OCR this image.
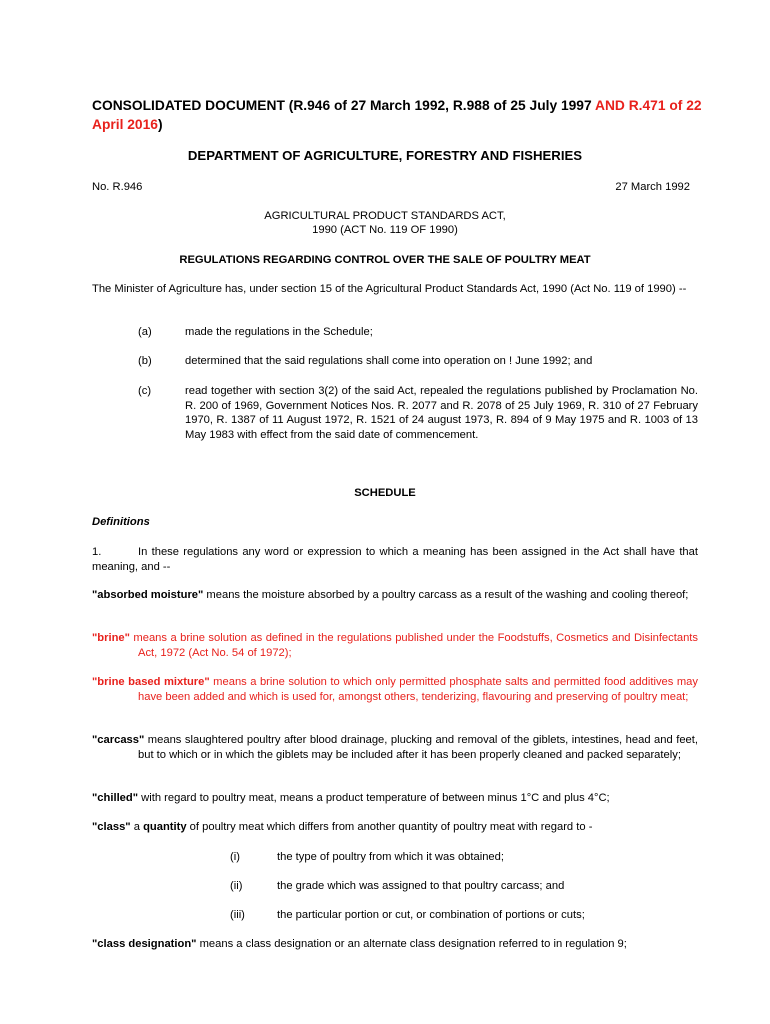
CONSOLIDATED DOCUMENT (R.946 of 27 March 1992, R.988 of 25 July 1997 AND R.471 of 22 April 2016)
DEPARTMENT OF AGRICULTURE, FORESTRY AND FISHERIES
No. R.946	27 March 1992
AGRICULTURAL PRODUCT STANDARDS ACT,
1990 (ACT No. 119 OF 1990)
REGULATIONS REGARDING CONTROL OVER THE SALE OF POULTRY MEAT
The Minister of Agriculture has, under section 15 of the Agricultural Product Standards Act, 1990 (Act No. 119 of 1990) --
(a)	made the regulations in the Schedule;
(b)	determined that the said regulations shall come into operation on ! June 1992; and
(c)	read together with section 3(2) of the said Act, repealed the regulations published by Proclamation No. R. 200 of 1969, Government Notices Nos. R. 2077 and R. 2078 of 25 July 1969, R. 310 of 27 February 1970, R. 1387 of 11 August 1972, R. 1521 of 24 august 1973, R. 894 of 9 May 1975 and R. 1003 of 13 May 1983 with effect from the said date of commencement.
SCHEDULE
Definitions
1.	In these regulations any word or expression to which a meaning has been assigned in the Act shall have that meaning, and --
"absorbed moisture" means the moisture absorbed by a poultry carcass as a result of the washing and cooling thereof;
"brine" means a brine solution as defined in the regulations published under the Foodstuffs, Cosmetics and Disinfectants Act, 1972 (Act No. 54 of 1972);
"brine based mixture" means a brine solution to which only permitted phosphate salts and permitted food additives may have been added and which is used for, amongst others, tenderizing, flavouring and preserving of poultry meat;
"carcass" means slaughtered poultry after blood drainage, plucking and removal of the giblets, intestines, head and feet, but to which or in which the giblets may be included after it has been properly cleaned and packed separately;
"chilled" with regard to poultry meat, means a product temperature of between minus 1°C and plus 4°C;
"class" a quantity of poultry meat which differs from another quantity of poultry meat with regard to -
(i)	the type of poultry from which it was obtained;
(ii)	the grade which was assigned to that poultry carcass; and
(iii)	the particular portion or cut, or combination of portions or cuts;
"class designation" means a class designation or an alternate class designation referred to in regulation 9;
